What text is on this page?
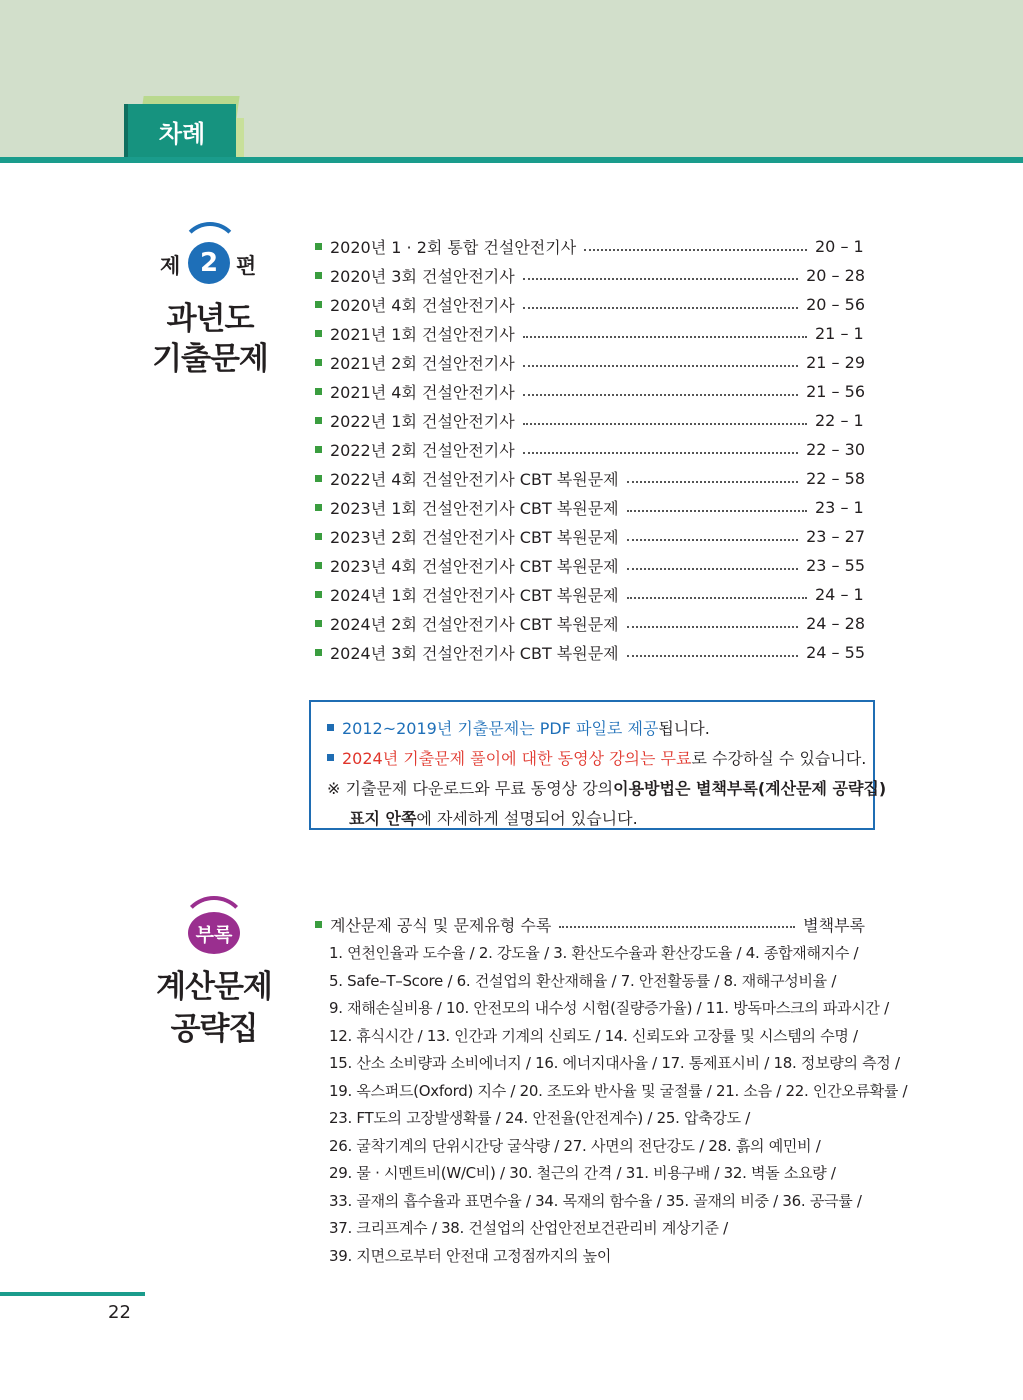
차례
제 2 편
과년도
기출문제
2020년 1 · 2회 통합 건설안전기사	20 – 1
2020년 3회 건설안전기사	20 – 28
2020년 4회 건설안전기사	20 – 56
2021년 1회 건설안전기사	21 – 1
2021년 2회 건설안전기사	21 – 29
2021년 4회 건설안전기사	21 – 56
2022년 1회 건설안전기사	22 – 1
2022년 2회 건설안전기사	22 – 30
2022년 4회 건설안전기사 CBT 복원문제	22 – 58
2023년 1회 건설안전기사 CBT 복원문제	23 – 1
2023년 2회 건설안전기사 CBT 복원문제	23 – 27
2023년 4회 건설안전기사 CBT 복원문제	23 – 55
2024년 1회 건설안전기사 CBT 복원문제	24 – 1
2024년 2회 건설안전기사 CBT 복원문제	24 – 28
2024년 3회 건설안전기사 CBT 복원문제	24 – 55
2012~2019년 기출문제는 PDF 파일로 제공 됩니다.
2024년 기출문제 풀이에 대한 동영상 강의는 무료 로 수강하실 수 있습니다.
※ 기출문제 다운로드와 무료 동영상 강의 이용방법은 별책부록(계산문제 공략집)
표지 안쪽 에 자세하게 설명되어 있습니다.
부록
계산문제
공략집
계산문제 공식 및 문제유형 수록	별책부록
1. 연천인율과 도수율 / 2. 강도율 / 3. 환산도수율과 환산강도율 / 4. 종합재해지수 /
5. Safe–T–Score / 6. 건설업의 환산재해율 / 7. 안전활동률 / 8. 재해구성비율 /
9. 재해손실비용 / 10. 안전모의 내수성 시험(질량증가율) / 11. 방독마스크의 파과시간 /
12. 휴식시간 / 13. 인간과 기계의 신뢰도 / 14. 신뢰도와 고장률 및 시스템의 수명 /
15. 산소 소비량과 소비에너지 / 16. 에너지대사율 / 17. 통제표시비 / 18. 정보량의 측정 /
19. 옥스퍼드(Oxford) 지수 / 20. 조도와 반사율 및 굴절률 / 21. 소음 / 22. 인간오류확률 /
23. FT도의 고장발생확률 / 24. 안전율(안전계수) / 25. 압축강도 /
26. 굴착기계의 단위시간당 굴삭량 / 27. 사면의 전단강도 / 28. 흙의 예민비 /
29. 물 · 시멘트비(W/C비) / 30. 철근의 간격 / 31. 비용구배 / 32. 벽돌 소요량 /
33. 골재의 흡수율과 표면수율 / 34. 목재의 함수율 / 35. 골재의 비중 / 36. 공극률 /
37. 크리프계수 / 38. 건설업의 산업안전보건관리비 계상기준 /
39. 지면으로부터 안전대 고정점까지의 높이
22
